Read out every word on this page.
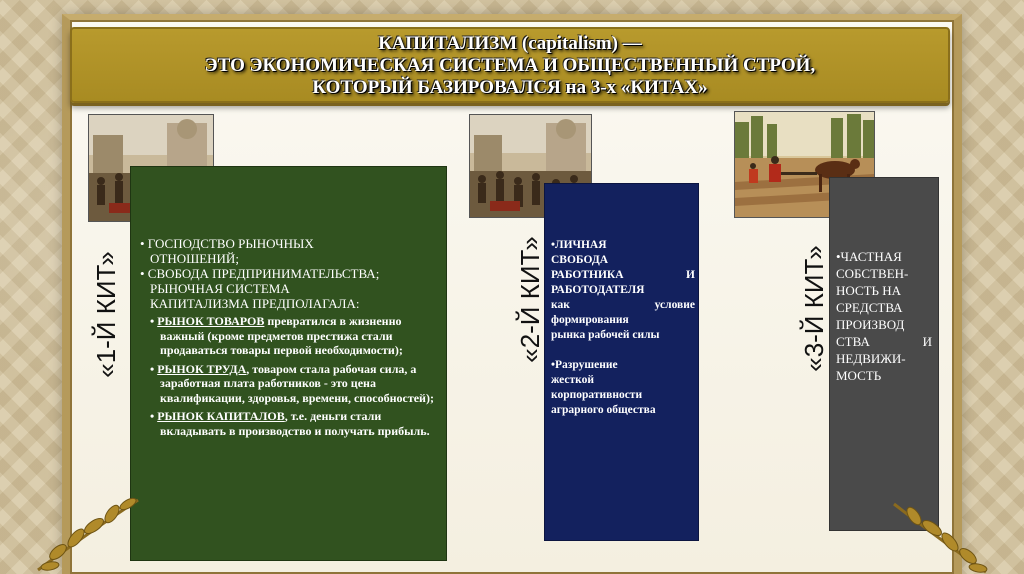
КАПИТАЛИЗМ (capitalism) —
ЭТО ЭКОНОМИЧЕСКАЯ СИСТЕМА И ОБЩЕСТВЕННЫЙ СТРОЙ,
КОТОРЫЙ БАЗИРОВАЛСЯ на 3-х «КИТАХ»
«1-Й КИТ»	«2-Й КИТ»	«3-Й КИТ»

• ГОСПОДСТВО РЫНОЧНЫХ
ОТНОШЕНИЙ;

• СВОБОДА ПРЕДПРИНИМАТЕЛЬСТВА;
РЫНОЧНАЯ СИСТЕМА
КАПИТАЛИЗМА ПРЕДПОЛАГАЛА:

• РЫНОК ТОВАРОВ превратился в жизненно важный (кроме предметов престижа стали продаваться товары первой необходимости);

• РЫНОК ТРУДА, товаром стала рабочая сила, а заработная плата работников - это цена квалификации, здоровья, времени, способностей);

• РЫНОК КАПИТАЛОВ, т.е. деньги стали вкладывать в производство и получать прибыль.

•ЛИЧНАЯ

СВОБОДА

РАБОТНИКА	И

РАБОТОДАТЕЛЯ

как	условие

формирования

рынка рабочей силы

•Разрушение

жесткой

корпоративности

аграрного общества

•ЧАСТНАЯ

СОБСТВЕН-

НОСТЬ НА

СРЕДСТВА

ПРОИЗВОД

СТВА	И

НЕДВИЖИ-

МОСТЬ
